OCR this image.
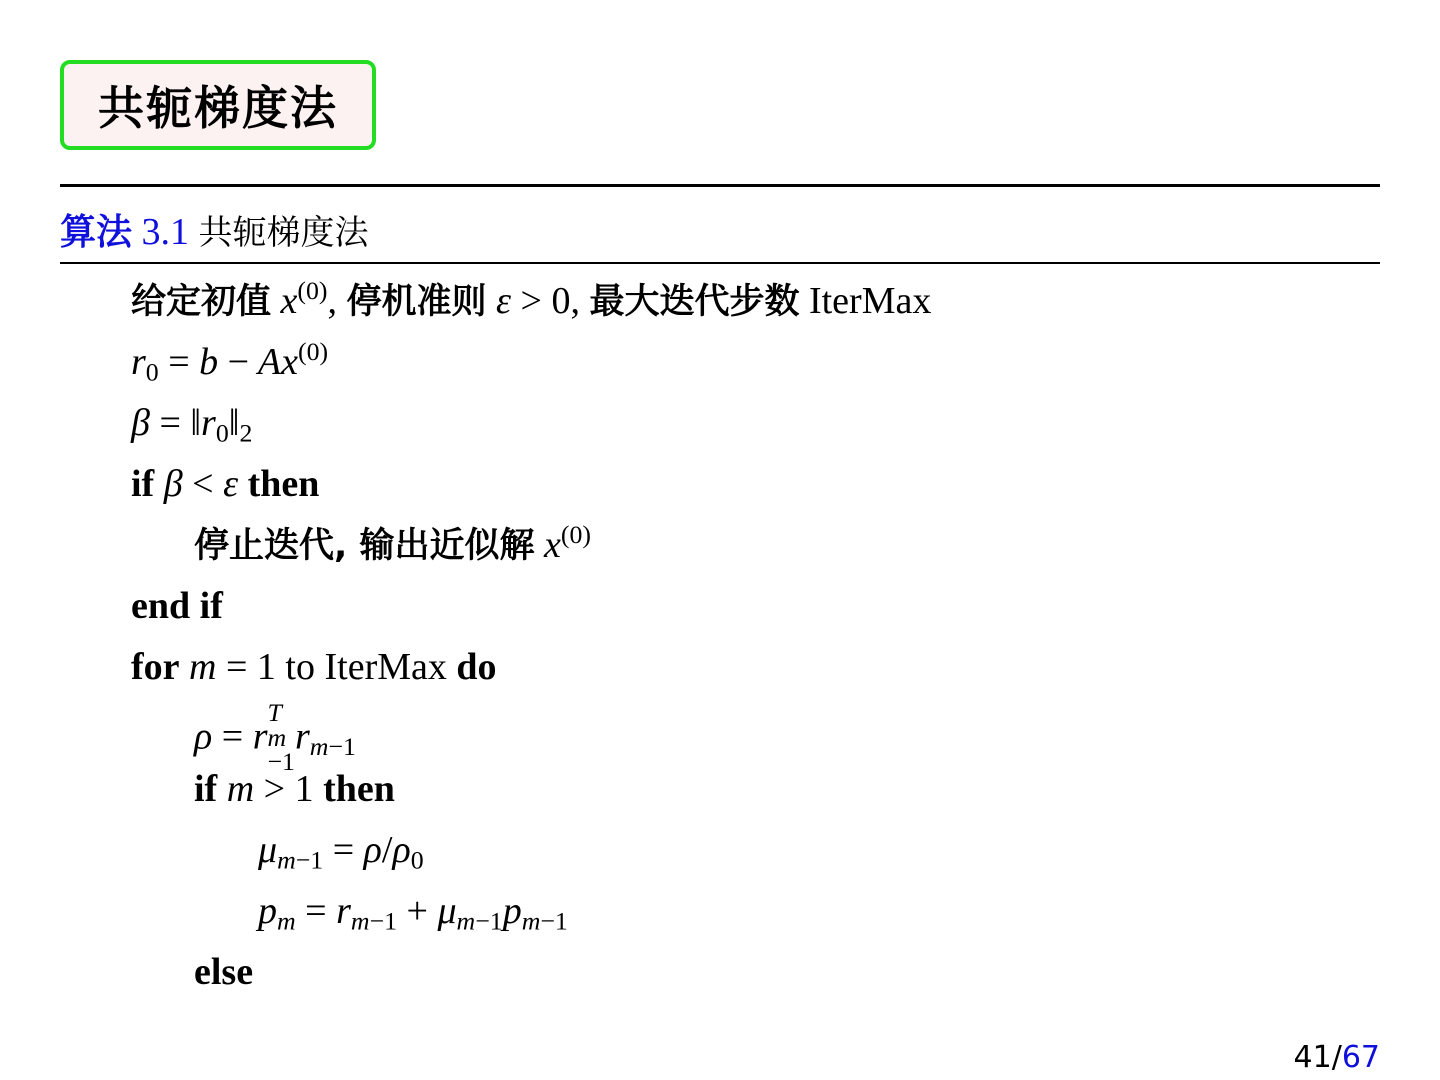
共轭梯度法
算法 3.1 共轭梯度法
给定初值 $x^{(0)}$, 停机准则 ε > 0, 最大迭代步数 IterMax
$r_0 = b - Ax^{(0)}$
$\beta = ‖r_0‖_2$
if β < ε then
停止迭代, 输出近似解 $x^{(0)}$
end if
for m = 1 to IterMax do
ρ = r
T
m
−1
$r_{m-1}$
if m > 1 then
$\mu_{m-1} = \rho/\rho_0$
$p_m = r_{m-1} + \mu_{m-1}p_{m-1}$
else
41/67
